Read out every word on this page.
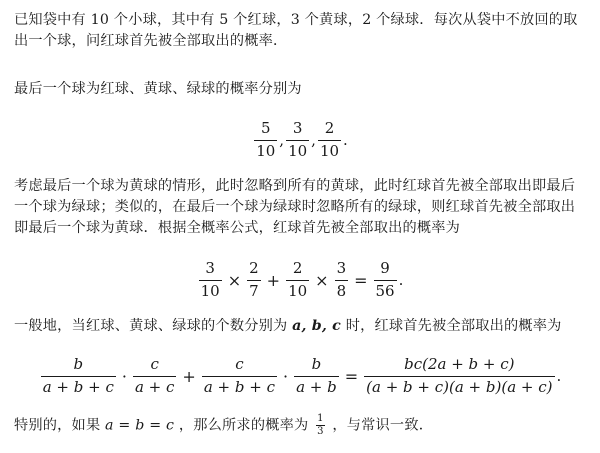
已知袋中有 10 个小球，其中有 5 个红球，3 个黄球，2 个绿球．每次从袋中不放回的取出一个球，问红球首先被全部取出的概率．

最后一个球为红球、黄球、绿球的概率分别为

$\frac{5}{10}$ , $\frac{3}{10}$ , $\frac{2}{10}$ .

考虑最后一个球为黄球的情形，此时忽略到所有的黄球，此时红球首先被全部取出即最后一个球为绿球；类似的，在最后一个球为绿球时忽略所有的绿球，则红球首先被全部取出即最后一个球为黄球．根据全概率公式，红球首先被全部取出的概率为

$\frac{3}{10} \times \frac{2}{7} + \frac{2}{10} \times \frac{3}{8} = \frac{9}{56}$ .

一般地，当红球、黄球、绿球的个数分别为 a, b, c 时，红球首先被全部取出的概率为

$\frac{b}{a + b + c} \cdot \frac{c}{a + c} + \frac{c}{a + b + c} \cdot \frac{b}{a + b} = \frac{bc(2a + b + c)}{(a + b + c)(a + b)(a + c)}$ .

特别的，如果 a = b = c ，那么所求的概率为 $\frac{1}{3}$ ，与常识一致．
